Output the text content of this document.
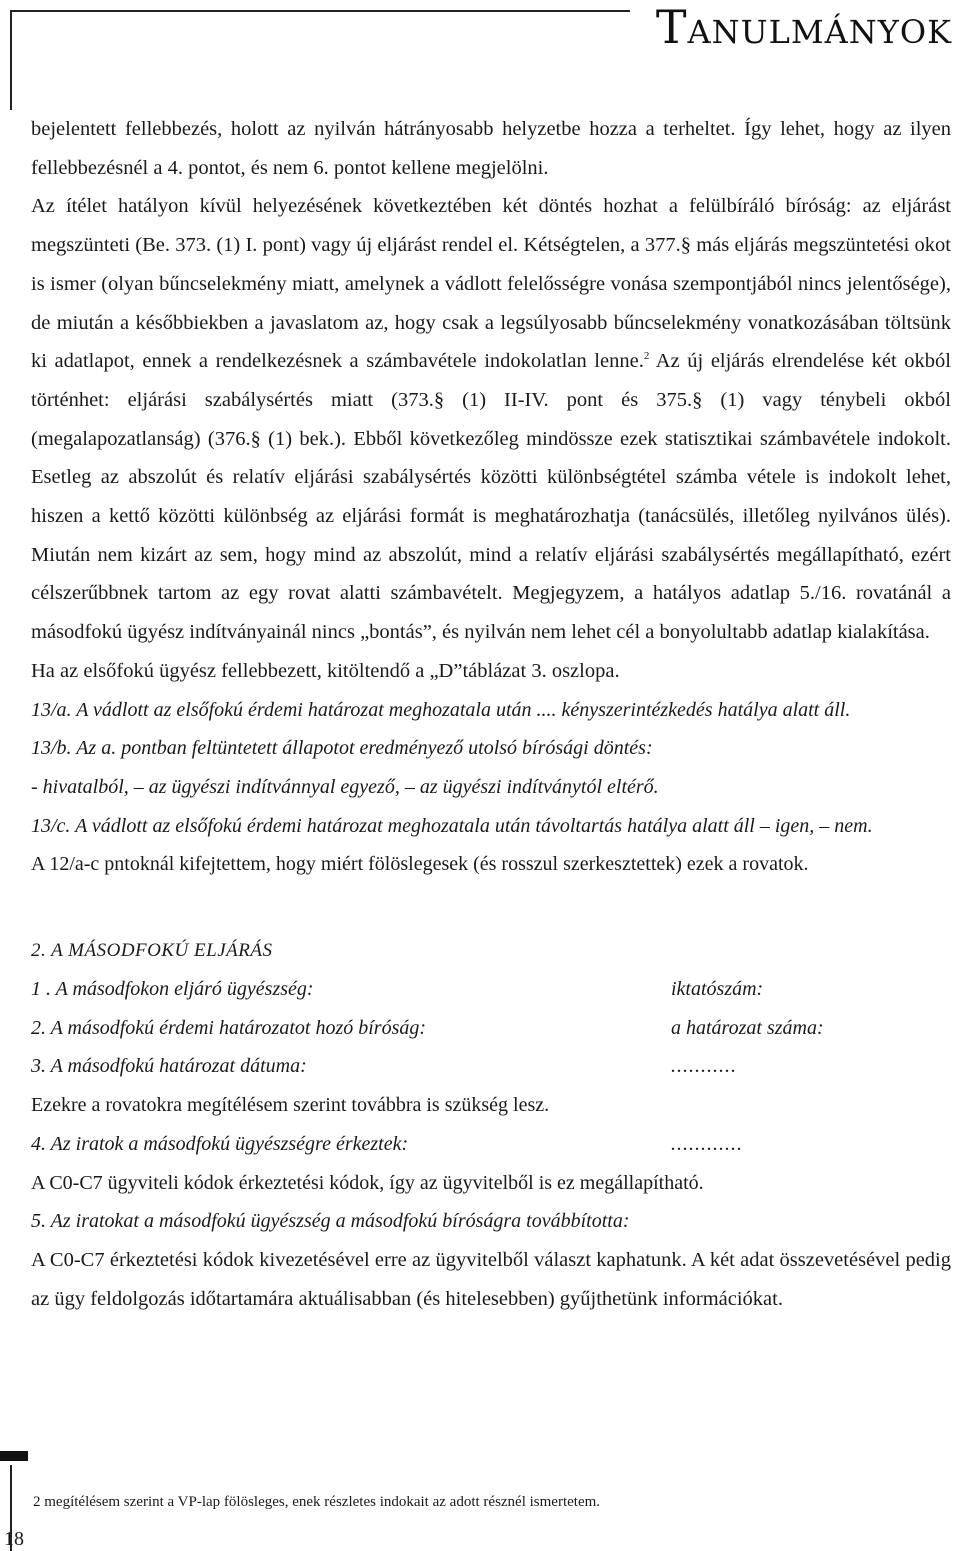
Tanulmányok

bejelentett fellebbezés, holott az nyilván hátrányosabb helyzetbe hozza a terheltet. Így lehet, hogy az ilyen fellebbezésnél a 4. pontot, és nem 6. pontot kellene megjelölni.

Az ítélet hatályon kívül helyezésének következtében két döntés hozhat a felülbíráló bíróság: az eljárást megszünteti (Be. 373. (1) I. pont) vagy új eljárást rendel el. Kétségtelen, a 377.§ más eljárás megszüntetési okot is ismer (olyan bűncselekmény miatt, amelynek a vádlott felelősségre vonása szempontjából nincs jelentősége), de miután a későbbiekben a javaslatom az, hogy csak a legsúlyosabb bűncselekmény vonatkozásában töltsünk ki adatlapot, ennek a rendelkezésnek a számbavétele indokolatlan lenne.$^2$ Az új eljárás elrendelése két okból történhet: eljárási szabálysértés miatt (373.§ (1) II-IV. pont és 375.§ (1) vagy ténybeli okból (megalapozatlanság) (376.§ (1) bek.). Ebből következőleg mindössze ezek statisztikai számbavétele indokolt. Esetleg az abszolút és relatív eljárási szabálysértés közötti különbségtétel számba vétele is indokolt lehet, hiszen a kettő közötti különbség az eljárási formát is meghatározhatja (tanácsülés, illetőleg nyilvános ülés). Miután nem kizárt az sem, hogy mind az abszolút, mind a relatív eljárási szabálysértés megállapítható, ezért célszerűbbnek tartom az egy rovat alatti számbavételt. Megjegyzem, a hatályos adatlap 5./16. rovatánál a másodfokú ügyész indítványainál nincs „bontás”, és nyilván nem lehet cél a bonyolultabb adatlap kialakítása.

Ha az elsőfokú ügyész fellebbezett, kitöltendő a „D”táblázat 3. oszlopa.

13/a. A vádlott az elsőfokú érdemi határozat meghozatala után .... kényszerintézkedés hatálya alatt áll.

13/b. Az a. pontban feltüntetett állapotot eredményező utolsó bírósági döntés:

- hivatalból, – az ügyészi indítvánnyal egyező, – az ügyészi indítványtól eltérő.

13/c. A vádlott az elsőfokú érdemi határozat meghozatala után távoltartás hatálya alatt áll – igen, – nem.

A 12/a-c pntoknál kifejtettem, hogy miért fölöslegesek (és rosszul szerkesztettek) ezek a rovatok.

2. A MÁSODFOKÚ ELJÁRÁS
1 . A másodfokon eljáró ügyészség:	iktatószám:
2. A másodfokú érdemi határozatot hozó bíróság:	a határozat száma:
3. A másodfokú határozat dátuma:	...........

Ezekre a rovatokra megítélésem szerint továbbra is szükség lesz.

4. Az iratok a másodfokú ügyészségre érkeztek:	............

A C0-C7 ügyviteli kódok érkeztetési kódok, így az ügyvitelből is ez megállapítható.

5. Az iratokat a másodfokú ügyészség a másodfokú bíróságra továbbította:

A C0-C7 érkeztetési kódok kivezetésével erre az ügyvitelből választ kaphatunk. A két adat összevetésével pedig az ügy feldolgozás időtartamára aktuálisabban (és hitelesebben) gyűjthetünk információkat.

2 megítélésem szerint a VP-lap fölösleges, enek részletes indokait az adott résznél ismertetem.
18
